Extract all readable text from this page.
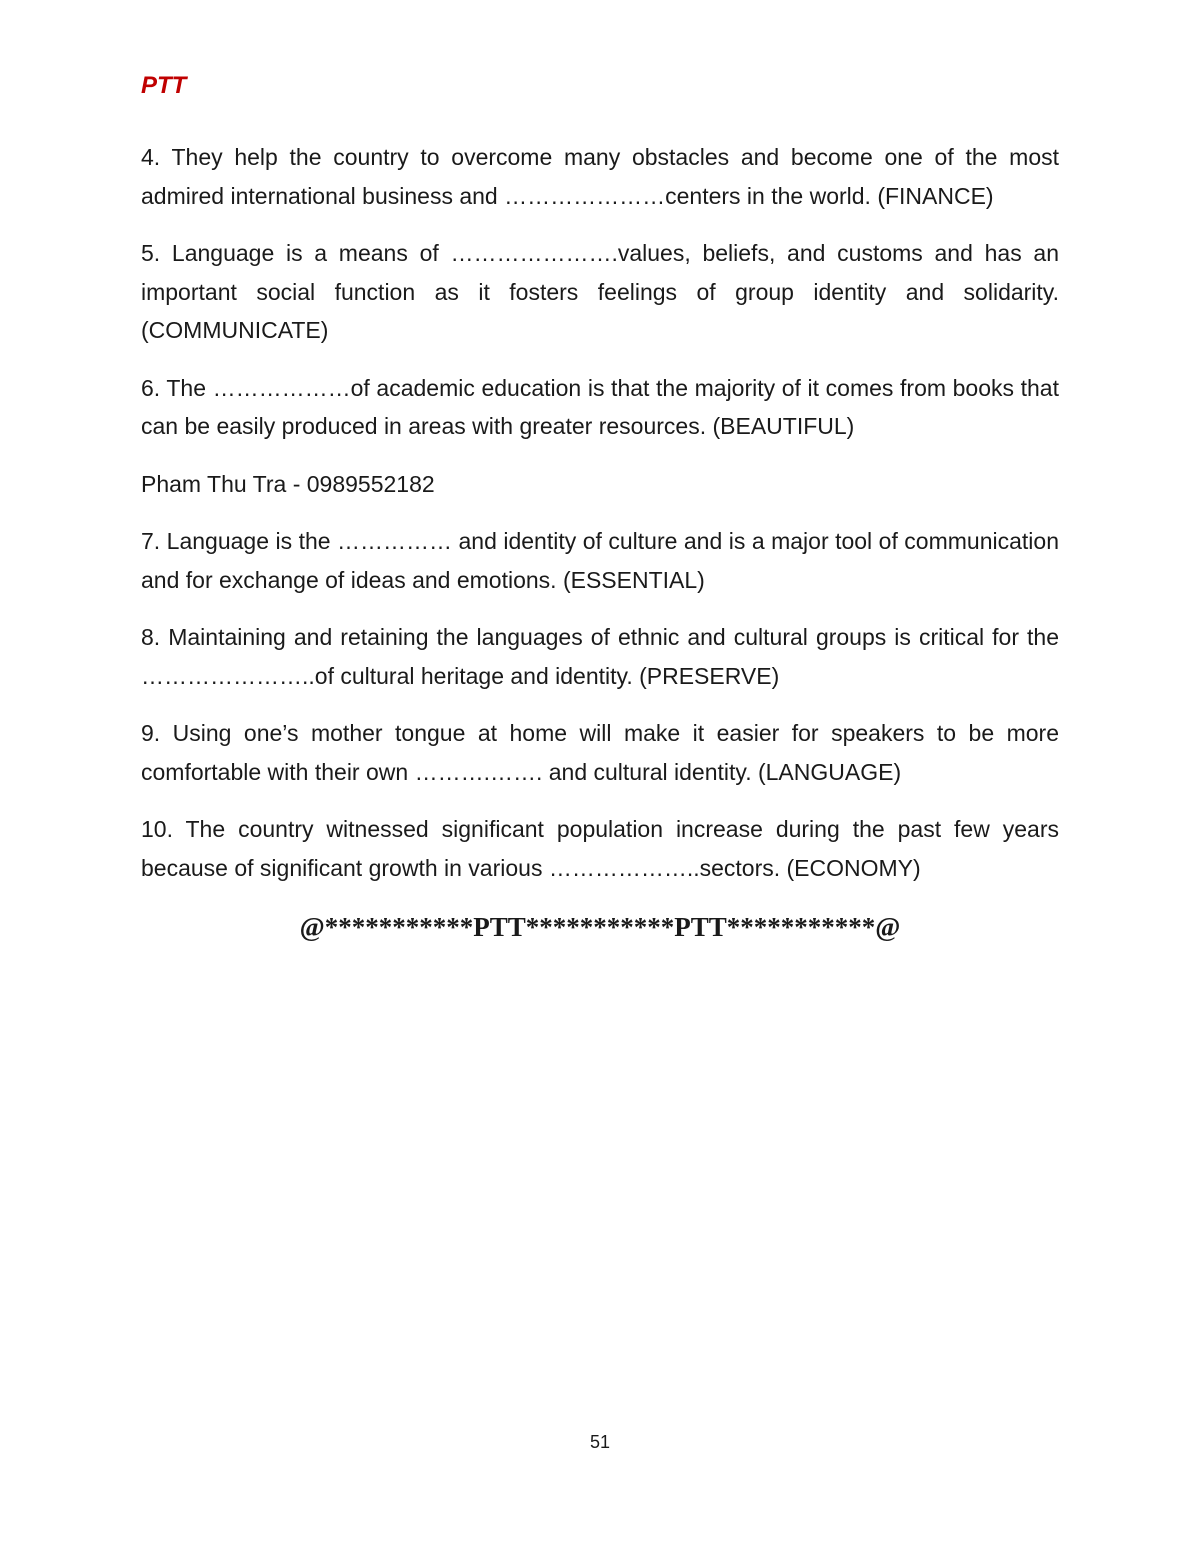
PTT

4. They help the country to overcome many obstacles and become one of the most admired international business and …………………centers in the world. (FINANCE)

5. Language is a means of ………………….values, beliefs, and customs and has an important social function as it fosters feelings of group identity and solidarity. (COMMUNICATE)

6. The ………………of academic education is that the majority of it comes from books that can be easily produced in areas with greater resources. (BEAUTIFUL)

Pham Thu Tra - 0989552182

7. Language is the …………… and identity of culture and is a major tool of communication and for exchange of ideas and emotions. (ESSENTIAL)

8. Maintaining and retaining the languages of ethnic and cultural groups is critical for the …………………..of cultural heritage and identity. (PRESERVE)

9. Using one’s mother tongue at home will make it easier for speakers to be more comfortable with their own ……….……. and cultural identity. (LANGUAGE)

10. The country witnessed significant population increase during the past few years because of significant growth in various ………………..sectors. (ECONOMY)

@***********PTT***********PTT***********@

51
